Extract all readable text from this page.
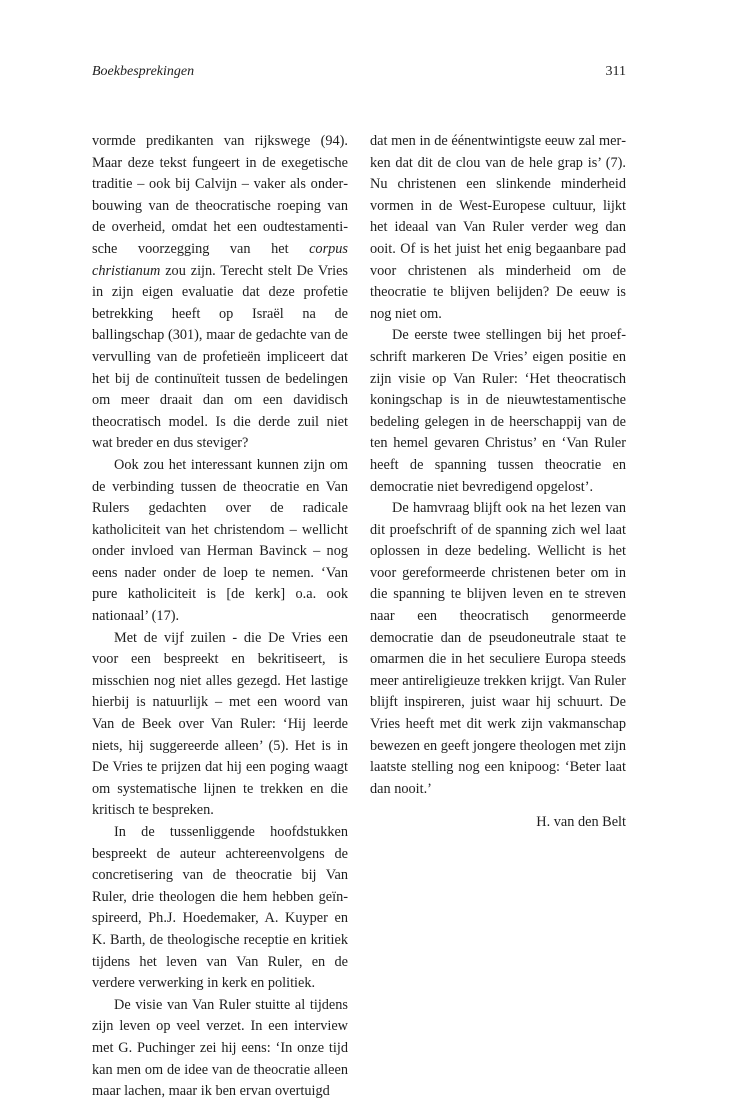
Boekbesprekingen	311

vormde predikanten van rijkswege (94). Maar deze tekst fungeert in de exegetische traditie – ook bij Calvijn – vaker als onderbouwing van de theocratische roeping van de overheid, omdat het een oudtestamentische voorzegging van het corpus christianum zou zijn. Terecht stelt De Vries in zijn eigen evaluatie dat deze profetie betrekking heeft op Israël na de ballingschap (301), maar de gedachte van de vervulling van de profetieën impliceert dat het bij de continuïteit tussen de bedelingen om meer draait dan om een davidisch theocratisch model. Is die derde zuil niet wat breder en dus steviger?

Ook zou het interessant kunnen zijn om de verbinding tussen de theocratie en Van Rulers gedachten over de radicale katholiciteit van het christendom – wellicht onder invloed van Herman Bavinck – nog eens nader onder de loep te nemen. ‘Van pure katholiciteit is [de kerk] o.a. ook nationaal’ (17).

Met de vijf zuilen - die De Vries een voor een bespreekt en bekritiseert, is misschien nog niet alles gezegd. Het lastige hierbij is natuurlijk – met een woord van Van de Beek over Van Ruler: ‘Hij leerde niets, hij suggereerde alleen’ (5). Het is in De Vries te prijzen dat hij een poging waagt om systematische lijnen te trekken en die kritisch te bespreken.

In de tussenliggende hoofdstukken bespreekt de auteur achtereenvolgens de concretisering van de theocratie bij Van Ruler, drie theologen die hem hebben geïnspireerd, Ph.J. Hoedemaker, A. Kuyper en K. Barth, de theologische receptie en kritiek tijdens het leven van Van Ruler, en de verdere verwerking in kerk en politiek.

De visie van Van Ruler stuitte al tijdens zijn leven op veel verzet. In een interview met G. Puchinger zei hij eens: ‘In onze tijd kan men om de idee van de theocratie alleen maar lachen, maar ik ben ervan overtuigd

dat men in de éénentwintigste eeuw zal merken dat dit de clou van de hele grap is’ (7). Nu christenen een slinkende minderheid vormen in de West-Europese cultuur, lijkt het ideaal van Van Ruler verder weg dan ooit. Of is het juist het enig begaanbare pad voor christenen als minderheid om de theocratie te blijven belijden? De eeuw is nog niet om.

De eerste twee stellingen bij het proefschrift markeren De Vries’ eigen positie en zijn visie op Van Ruler: ‘Het theocratisch koningschap is in de nieuwtestamentische bedeling gelegen in de heerschappij van de ten hemel gevaren Christus’ en ‘Van Ruler heeft de spanning tussen theocratie en democratie niet bevredigend opgelost’.

De hamvraag blijft ook na het lezen van dit proefschrift of de spanning zich wel laat oplossen in deze bedeling. Wellicht is het voor gereformeerde christenen beter om in die spanning te blijven leven en te streven naar een theocratisch genormeerde democratie dan de pseudoneutrale staat te omarmen die in het seculiere Europa steeds meer antireligieuze trekken krijgt. Van Ruler blijft inspireren, juist waar hij schuurt. De Vries heeft met dit werk zijn vakmanschap bewezen en geeft jongere theologen met zijn laatste stelling nog een knipoog: ‘Beter laat dan nooit.’

H. van den Belt
